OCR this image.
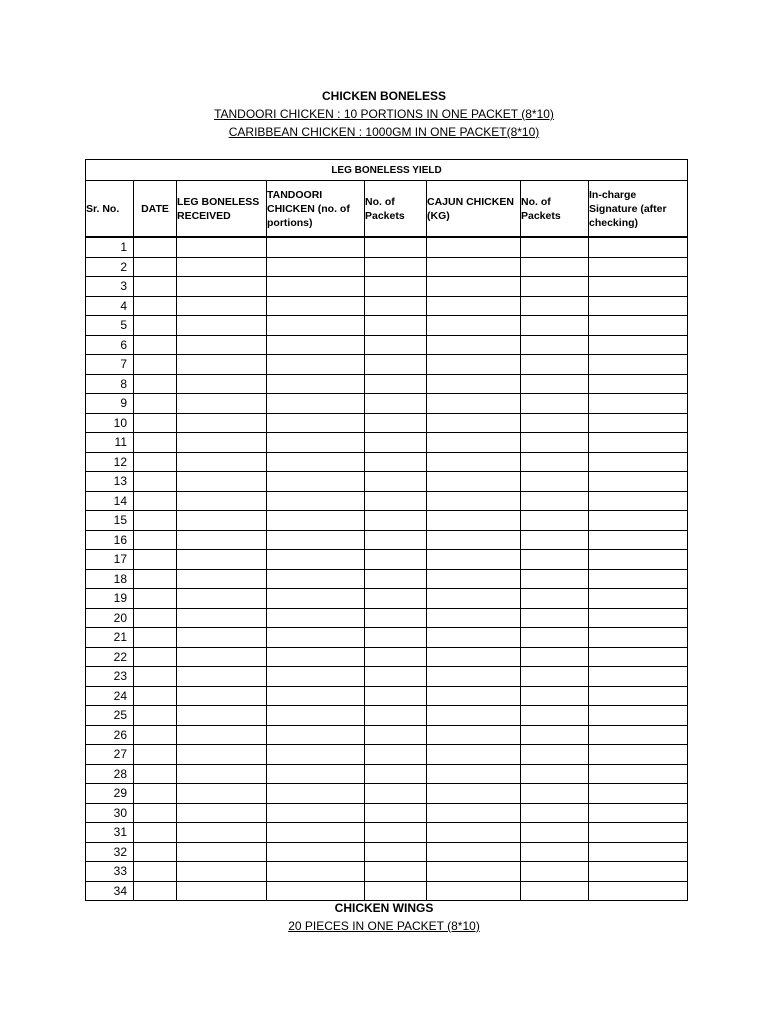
CHICKEN BONELESS
TANDOORI CHICKEN : 10 PORTIONS IN ONE PACKET (8*10)
CARIBBEAN CHICKEN : 1000GM IN ONE PACKET(8*10)
LEG BONELESS YIELD							
Sr. No.	DATE	LEG BONELESS RECEIVED	TANDOORI CHICKEN (no. of portions)	No. of Packets	CAJUN CHICKEN (KG)	No. of Packets	In-charge Signature (after checking)
1							
2							
3							
4							
5							
6							
7							
8							
9							
10							
11							
12							
13							
14							
15							
16							
17							
18							
19							
20							
21							
22							
23							
24							
25							
26							
27							
28							
29							
30							
31							
32							
33							
34							
CHICKEN WINGS
20 PIECES IN ONE PACKET (8*10)
